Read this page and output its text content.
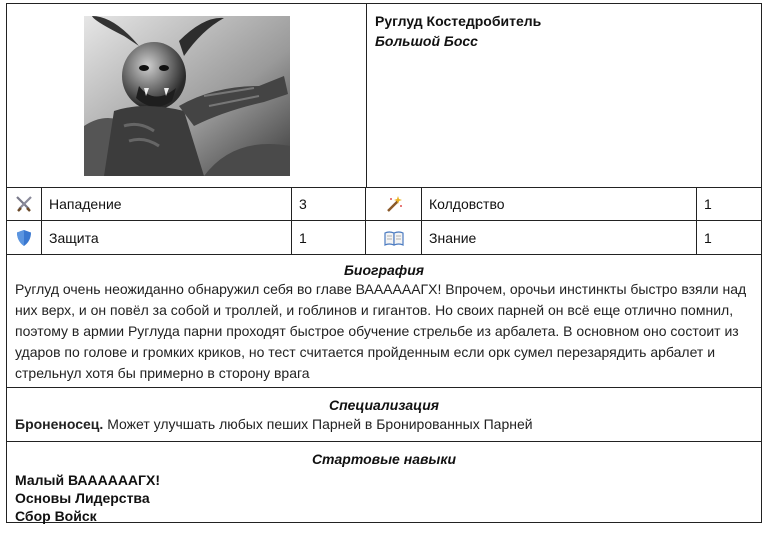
Руглуд Костедробитель
Большой Босс
Нападение	3	Колдовство	1
Защита	1	Знание	1
Биография
Руглуд очень неожиданно обнаружил себя во главе ВААААААГХ! Впрочем, орочьи инстинкты быстро взяли над них верх, и он повёл за собой и троллей, и гоблинов и гигантов. Но своих парней он всё еще отлично помнил, поэтому в армии Руглуда парни проходят быстрое обучение стрельбе из арбалета. В основном оно состоит из ударов по голове и громких криков, но тест считается пройденным если орк сумел перезарядить арбалет и стрельнул хотя бы примерно в сторону врага
Специализация
Броненосец. Может улучшать любых пеших Парней в Бронированных Парней
Стартовые навыки
Малый ВААААААГХ!
Основы Лидерства
Сбор Войск
